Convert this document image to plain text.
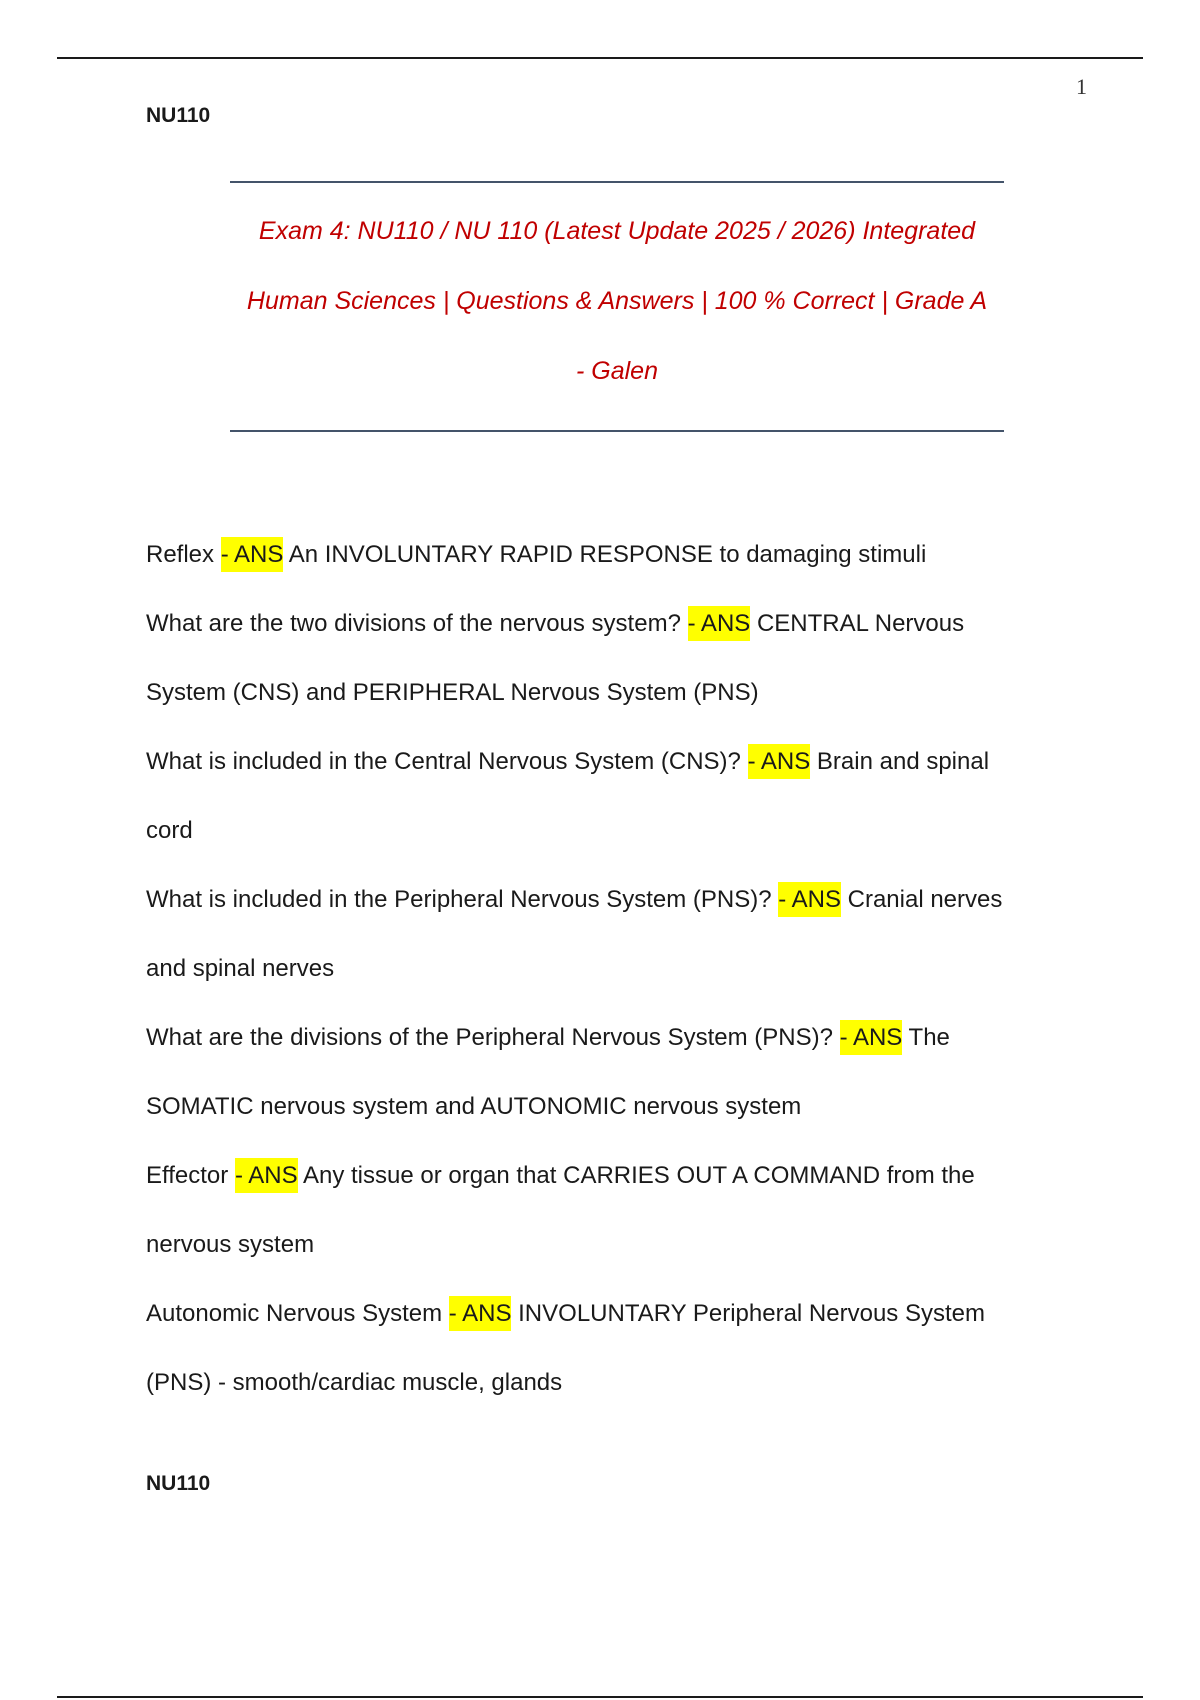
1
NU110
Exam 4: NU110 / NU 110 (Latest Update 2025 / 2026) Integrated
Human Sciences | Questions & Answers | 100 % Correct | Grade A
- Galen
Reflex - ANS An INVOLUNTARY RAPID RESPONSE to damaging stimuli
What are the two divisions of the nervous system? - ANS CENTRAL Nervous
System (CNS) and PERIPHERAL Nervous System (PNS)
What is included in the Central Nervous System (CNS)? - ANS Brain and spinal
cord
What is included in the Peripheral Nervous System (PNS)? - ANS Cranial nerves
and spinal nerves
What are the divisions of the Peripheral Nervous System (PNS)? - ANS The
SOMATIC nervous system and AUTONOMIC nervous system
Effector - ANS Any tissue or organ that CARRIES OUT A COMMAND from the
nervous system
Autonomic Nervous System - ANS INVOLUNTARY Peripheral Nervous System
(PNS) - smooth/cardiac muscle, glands
NU110
